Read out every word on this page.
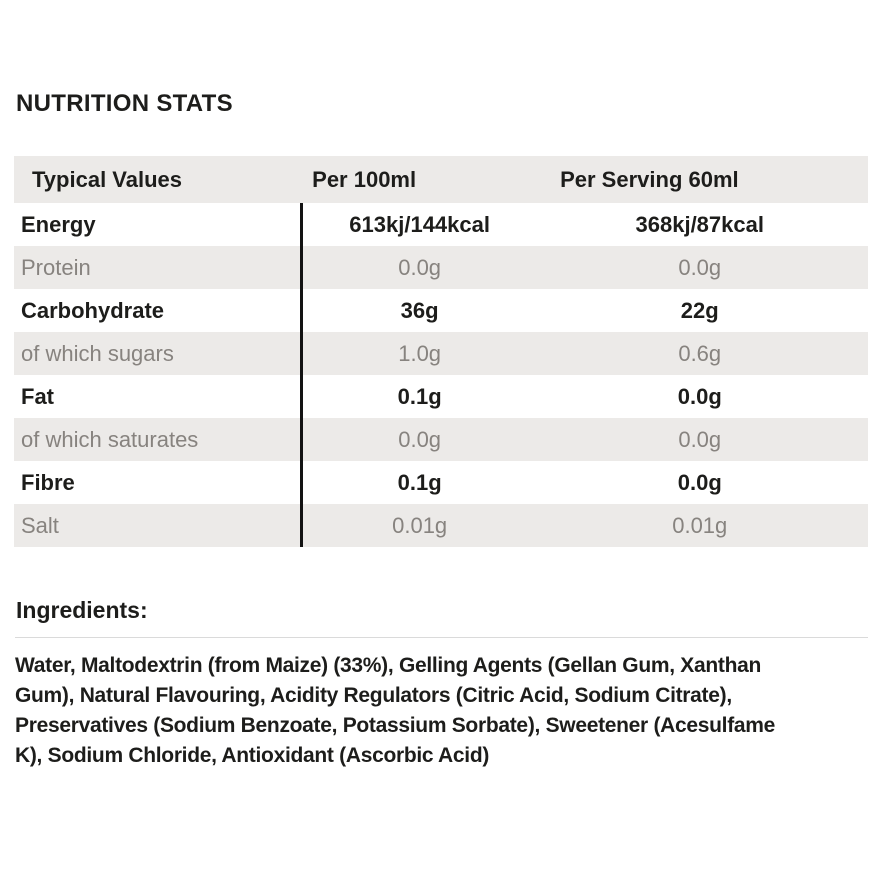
NUTRITION STATS
Typical Values	Per 100ml	Per Serving 60ml
Energy	613kj/144kcal	368kj/87kcal
Protein	0.0g	0.0g
Carbohydrate	36g	22g
of which sugars	1.0g	0.6g
Fat	0.1g	0.0g
of which saturates	0.0g	0.0g
Fibre	0.1g	0.0g
Salt	0.01g	0.01g
Ingredients:
Water, Maltodextrin (from Maize) (33%), Gelling Agents (Gellan Gum, Xanthan
Gum), Natural Flavouring, Acidity Regulators (Citric Acid, Sodium Citrate),
Preservatives (Sodium Benzoate, Potassium Sorbate), Sweetener (Acesulfame
K), Sodium Chloride, Antioxidant (Ascorbic Acid)
